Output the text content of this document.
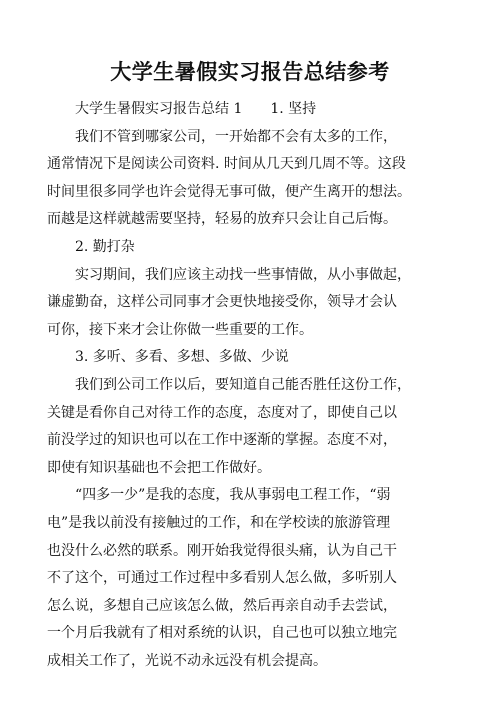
大学生暑假实习报告总结参考
大学生暑假实习报告总结 1　　1. 坚持
我们不管到哪家公司，一开始都不会有太多的工作，
通常情况下是阅读公司资料. 时间从几天到几周不等。这段
时间里很多同学也许会觉得无事可做，便产生离开的想法。
而越是这样就越需要坚持，轻易的放弃只会让自己后悔。
2. 勤打杂
实习期间，我们应该主动找一些事情做，从小事做起，
谦虚勤奋，这样公司同事才会更快地接受你，领导才会认
可你，接下来才会让你做一些重要的工作。
3. 多听、多看、多想、多做、少说
我们到公司工作以后，要知道自己能否胜任这份工作，
关键是看你自己对待工作的态度，态度对了，即使自己以
前没学过的知识也可以在工作中逐渐的掌握。态度不对，
即使有知识基础也不会把工作做好。
“四多一少”是我的态度，我从事弱电工程工作，“弱
电”是我以前没有接触过的工作，和在学校读的旅游管理
也没什么必然的联系。刚开始我觉得很头痛，认为自己干
不了这个，可通过工作过程中多看别人怎么做，多听别人
怎么说，多想自己应该怎么做，然后再亲自动手去尝试，
一个月后我就有了相对系统的认识，自己也可以独立地完
成相关工作了，光说不动永远没有机会提高。
